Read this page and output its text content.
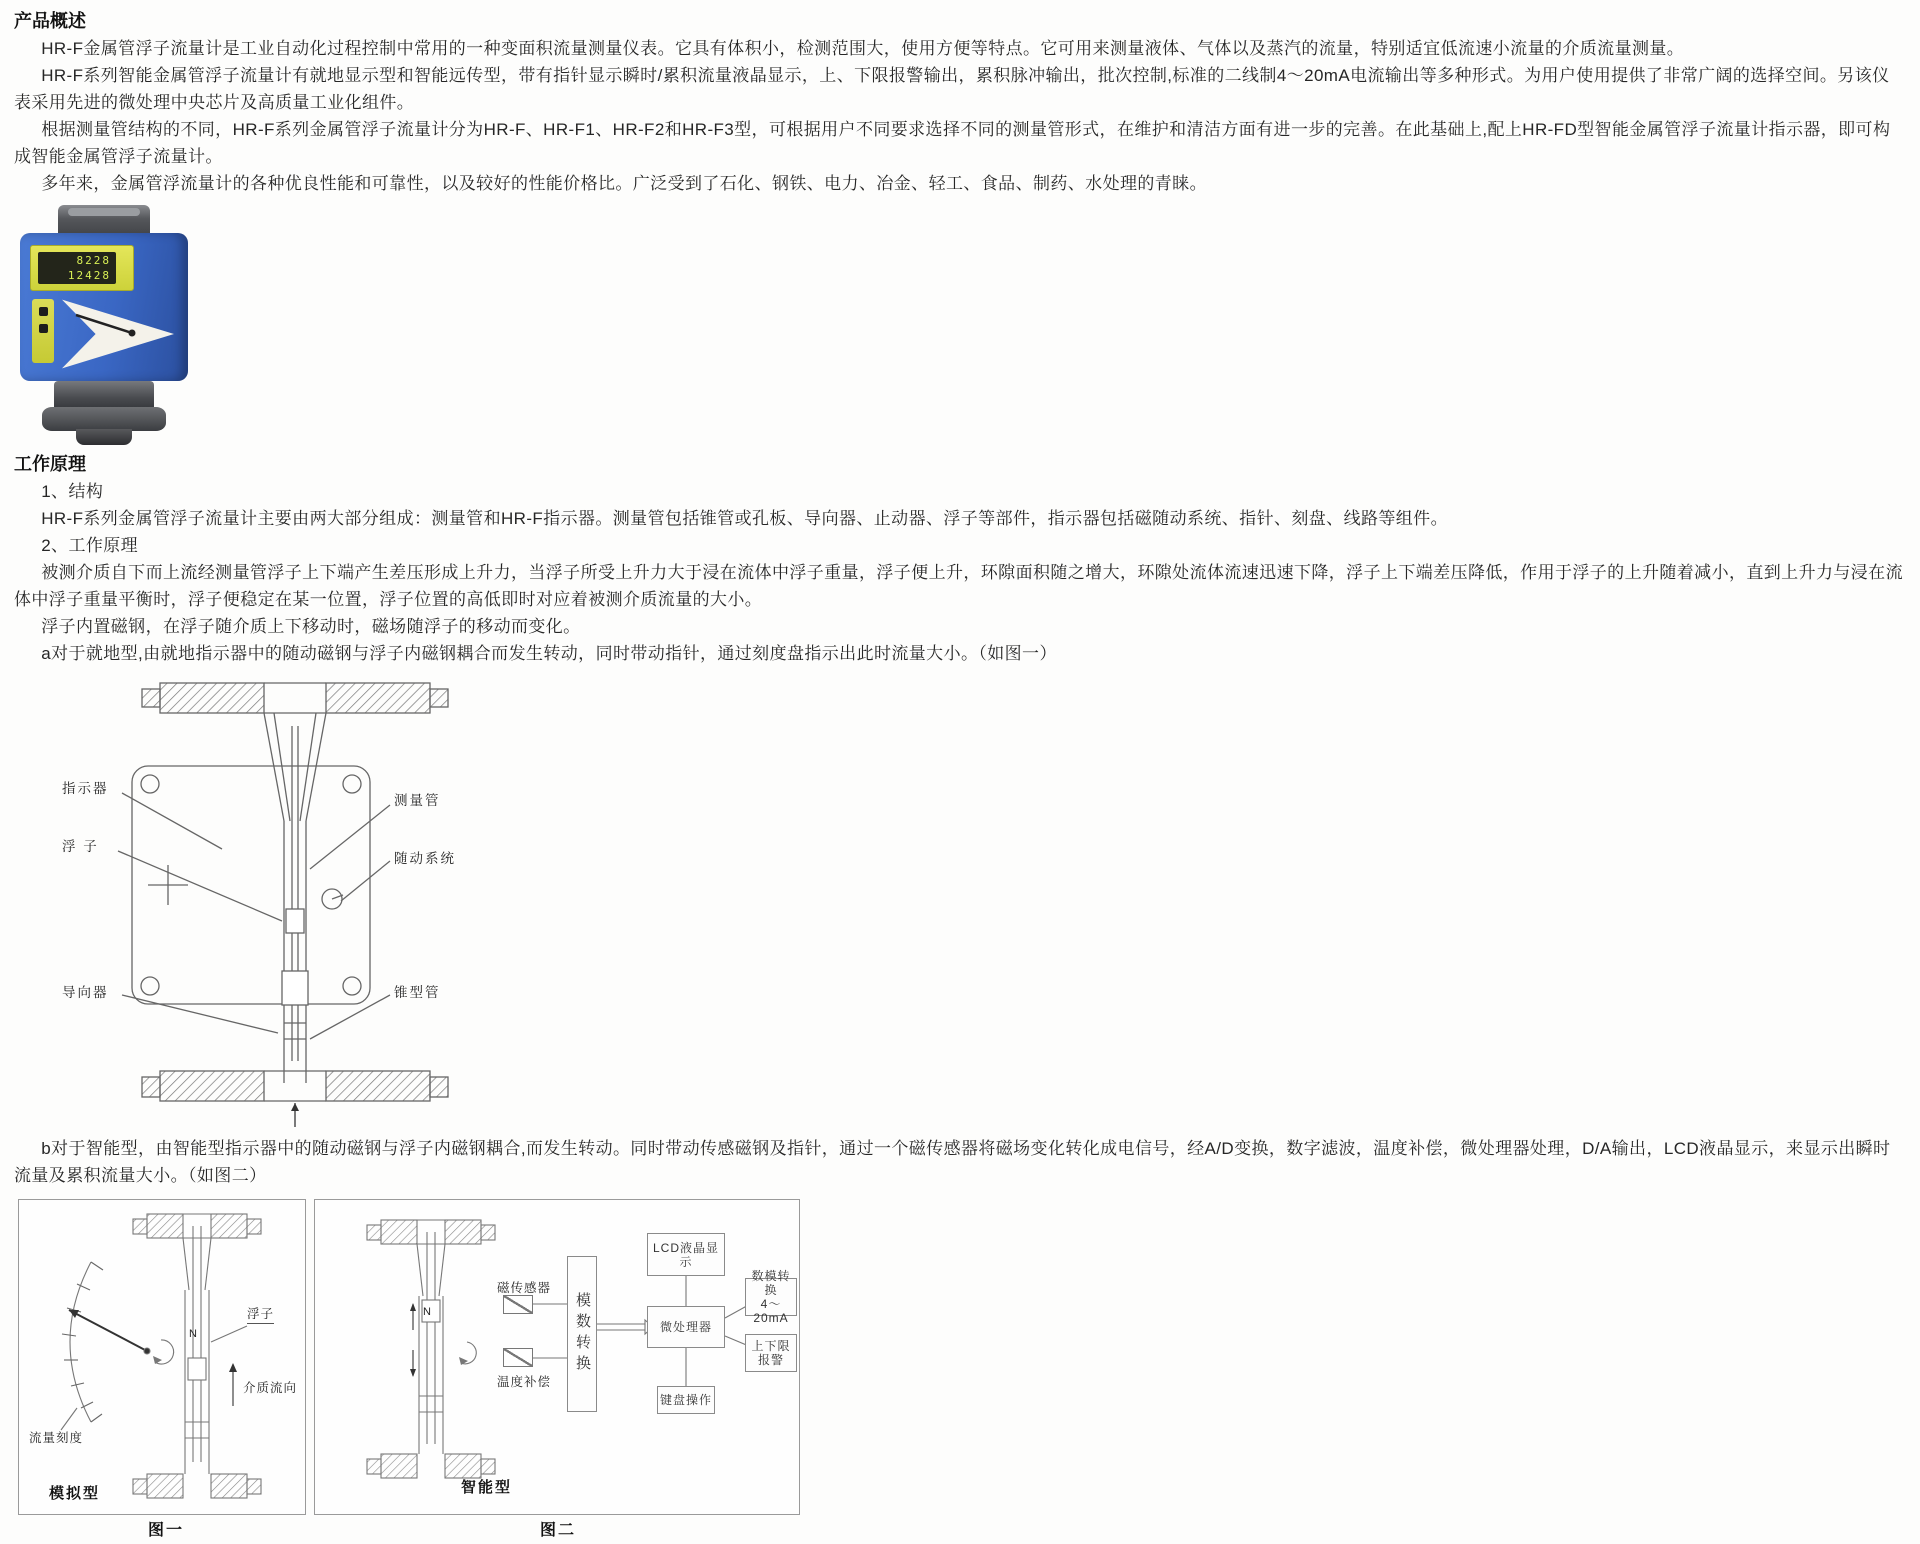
产品概述

HR-F金属管浮子流量计是工业自动化过程控制中常用的一种变面积流量测量仪表。它具有体积小，检测范围大，使用方便等特点。它可用来测量液体、气体以及蒸汽的流量，特别适宜低流速小流量的介质流量测量。

HR-F系列智能金属管浮子流量计有就地显示型和智能远传型，带有指针显示瞬时/累积流量液晶显示，上、下限报警输出，累积脉冲输出，批次控制,标准的二线制4～20mA电流输出等多种形式。为用户使用提供了非常广阔的选择空间。另该仪表采用先进的微处理中央芯片及高质量工业化组件。

根据测量管结构的不同，HR-F系列金属管浮子流量计分为HR-F、HR-F1、HR-F2和HR-F3型，可根据用户不同要求选择不同的测量管形式，在维护和清洁方面有进一步的完善。在此基础上,配上HR-FD型智能金属管浮子流量计指示器，即可构成智能金属管浮子流量计。

多年来，金属管浮流量计的各种优良性能和可靠性，以及较好的性能价格比。广泛受到了石化、钢铁、电力、冶金、轻工、食品、制药、水处理的青睐。

8228
12428
工作原理

1、结构

HR-F系列金属管浮子流量计主要由两大部分组成：测量管和HR-F指示器。测量管包括锥管或孔板、导向器、止动器、浮子等部件，指示器包括磁随动系统、指针、刻盘、线路等组件。

2、工作原理

被测介质自下而上流经测量管浮子上下端产生差压形成上升力，当浮子所受上升力大于浸在流体中浮子重量，浮子便上升，环隙面积随之增大，环隙处流体流速迅速下降，浮子上下端差压降低，作用于浮子的上升随着减小，直到上升力与浸在流体中浮子重量平衡时，浮子便稳定在某一位置，浮子位置的高低即时对应着被测介质流量的大小。

浮子内置磁钢，在浮子随介质上下移动时，磁场随浮子的移动而变化。

a对于就地型,由就地指示器中的随动磁钢与浮子内磁钢耦合而发生转动，同时带动指针，通过刻度盘指示出此时流量大小。（如图一）

指示器
浮 子
导向器
测量管
随动系统
锥型管

b对于智能型，由智能型指示器中的随动磁钢与浮子内磁钢耦合,而发生转动。同时带动传感磁钢及指针，通过一个磁传感器将磁场变化转化成电信号，经A/D变换，数字滤波，温度补偿，微处理器处理，D/A输出，LCD液晶显示，来显示出瞬时流量及累积流量大小。（如图二）

浮子
介质流向
流量刻度
N
模拟型
磁传感器
温度补偿
模数转换
LCD液晶显示
微处理器
数模转换
4～20mA
上下限报警
键盘操作
N
智能型
图一	图二
